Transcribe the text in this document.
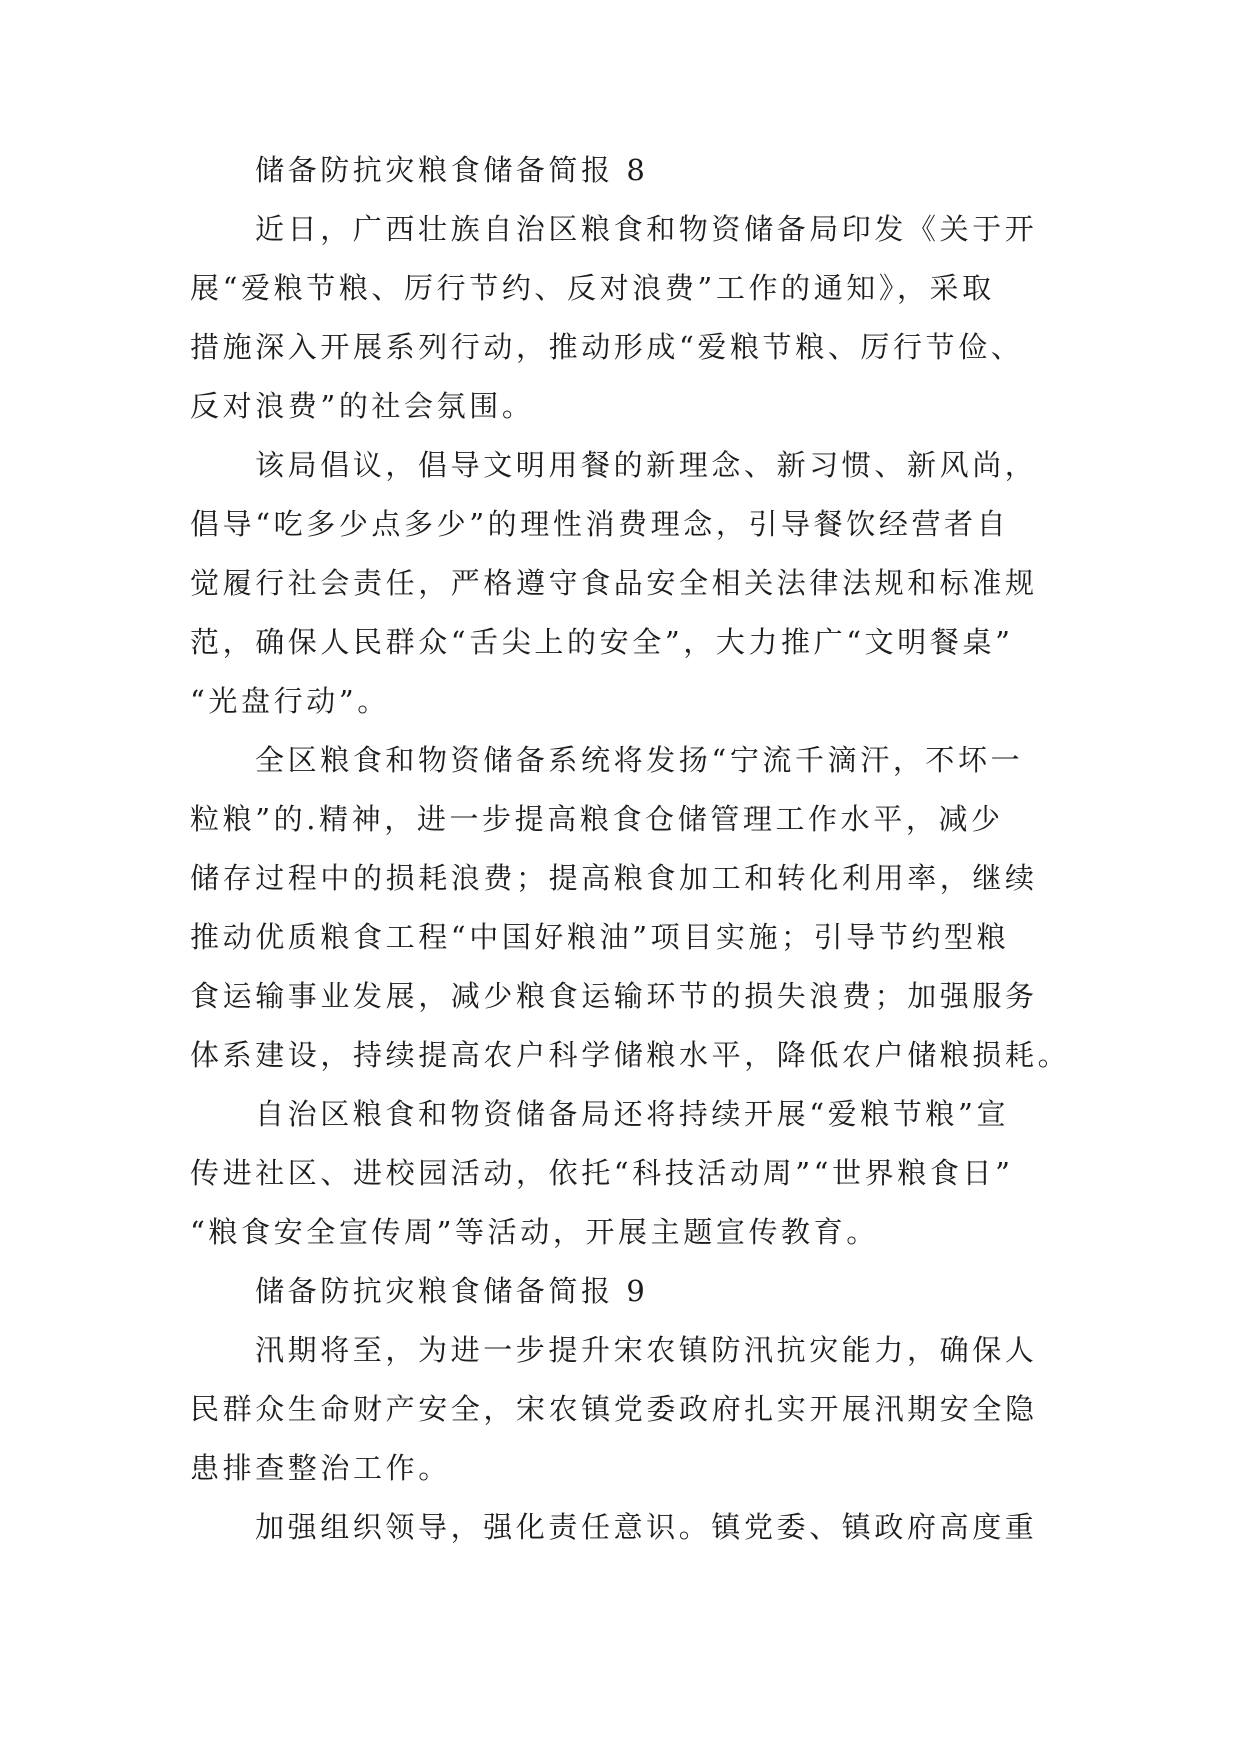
储备防抗灾粮食储备简报 8

近日，广西壮族自治区粮食和物资储备局印发《关于开

展“爱粮节粮、厉行节约、反对浪费”工作的通知》，采取

措施深入开展系列行动，推动形成“爱粮节粮、厉行节俭、

反对浪费”的社会氛围。

该局倡议，倡导文明用餐的新理念、新习惯、新风尚，

倡导“吃多少点多少”的理性消费理念，引导餐饮经营者自

觉履行社会责任，严格遵守食品安全相关法律法规和标准规

范，确保人民群众“舌尖上的安全”，大力推广“文明餐桌”

“光盘行动”。

全区粮食和物资储备系统将发扬“宁流千滴汗，不坏一

粒粮”的.精神，进一步提高粮食仓储管理工作水平，减少

储存过程中的损耗浪费；提高粮食加工和转化利用率，继续

推动优质粮食工程“中国好粮油”项目实施；引导节约型粮

食运输事业发展，减少粮食运输环节的损失浪费；加强服务

体系建设，持续提高农户科学储粮水平，降低农户储粮损耗。

自治区粮食和物资储备局还将持续开展“爱粮节粮”宣

传进社区、进校园活动，依托“科技活动周”“世界粮食日”

“粮食安全宣传周”等活动，开展主题宣传教育。

储备防抗灾粮食储备简报 9

汛期将至，为进一步提升宋农镇防汛抗灾能力，确保人

民群众生命财产安全，宋农镇党委政府扎实开展汛期安全隐

患排查整治工作。

加强组织领导，强化责任意识。镇党委、镇政府高度重
